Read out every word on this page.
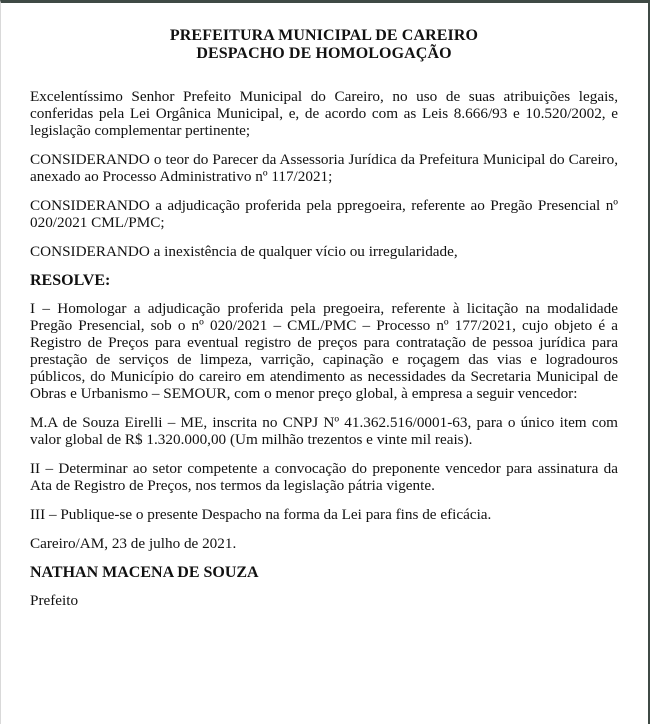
PREFEITURA MUNICIPAL DE CAREIRO
DESPACHO DE HOMOLOGAÇÃO

Excelentíssimo Senhor Prefeito Municipal do Careiro, no uso de suas atribuições legais, conferidas pela Lei Orgânica Municipal, e, de acordo com as Leis 8.666/93 e 10.520/2002, e legislação complementar pertinente;

CONSIDERANDO o teor do Parecer da Assessoria Jurídica da Prefeitura Municipal do Careiro, anexado ao Processo Administrativo nº 117/2021;

CONSIDERANDO a adjudicação proferida pela ppregoeira, referente ao Pregão Presencial nº 020/2021 CML/PMC;

CONSIDERANDO a inexistência de qualquer vício ou irregularidade,

RESOLVE:

I – Homologar a adjudicação proferida pela pregoeira, referente à licitação na modalidade Pregão Presencial, sob o nº 020/2021 – CML/PMC – Processo nº 177/2021, cujo objeto é a Registro de Preços para eventual registro de preços para contratação de pessoa jurídica para prestação de serviços de limpeza, varrição, capinação e roçagem das vias e logradouros públicos, do Município do careiro em atendimento as necessidades da Secretaria Municipal de Obras e Urbanismo – SEMOUR, com o menor preço global, à empresa a seguir vencedor:

M.A de Souza Eirelli – ME, inscrita no CNPJ Nº 41.362.516/0001-63, para o único item com valor global de R$ 1.320.000,00 (Um milhão trezentos e vinte mil reais).

II – Determinar ao setor competente a convocação do preponente vencedor para assinatura da Ata de Registro de Preços, nos termos da legislação pátria vigente.

III – Publique-se o presente Despacho na forma da Lei para fins de eficácia.

Careiro/AM, 23 de julho de 2021.

NATHAN MACENA DE SOUZA

Prefeito
